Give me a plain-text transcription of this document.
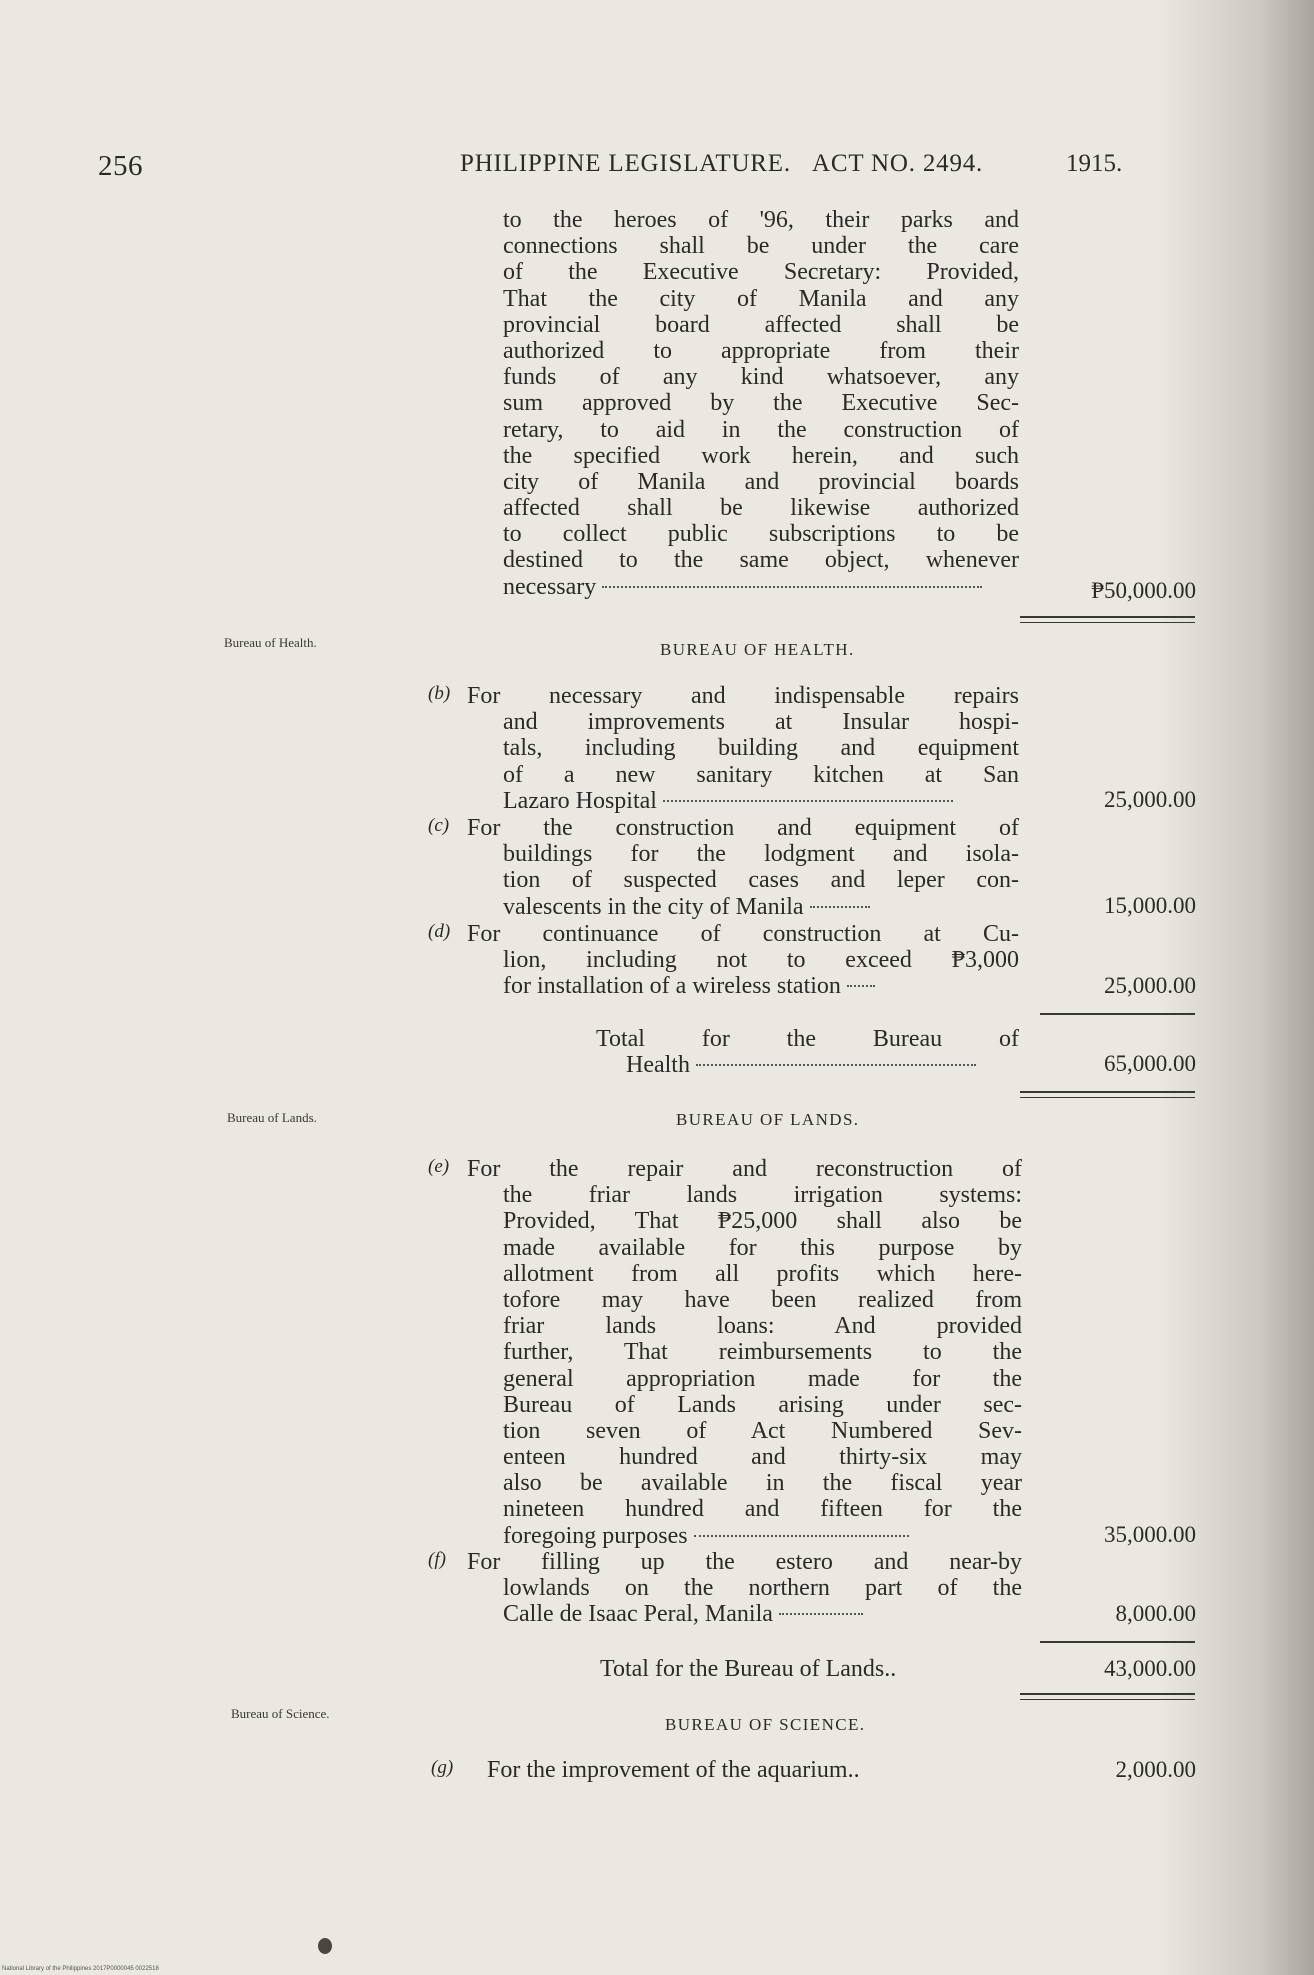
256	PHILIPPINE LEGISLATURE. ACT NO. 2494.	1915.
to the heroes of '96, their parks and
connections shall be under the care
of the Executive Secretary: Provided,
That the city of Manila and any
provincial board affected shall be
authorized to appropriate from their
funds of any kind whatsoever, any
sum approved by the Executive Sec-
retary, to aid in the construction of
the specified work herein, and such
city of Manila and provincial boards
affected shall be likewise authorized
to collect public subscriptions to be
destined to the same object, whenever
necessary	₱50,000.00
Bureau of Health.	BUREAU OF HEALTH.
(b) For necessary and indispensable repairs
and improvements at Insular hospi-
tals, including building and equipment
of a new sanitary kitchen at San
Lazaro Hospital	25,000.00
(c) For the construction and equipment of
buildings for the lodgment and isola-
tion of suspected cases and leper con-
valescents in the city of Manila	15,000.00
(d) For continuance of construction at Cu-
lion, including not to exceed ₱3,000
for installation of a wireless station	25,000.00
Total for the Bureau of
Health	65,000.00
Bureau of Lands.	BUREAU OF LANDS.
(e) For the repair and reconstruction of
the friar lands irrigation systems:
Provided, That ₱25,000 shall also be
made available for this purpose by
allotment from all profits which here-
tofore may have been realized from
friar lands loans: And provided
further, That reimbursements to the
general appropriation made for the
Bureau of Lands arising under sec-
tion seven of Act Numbered Sev-
enteen hundred and thirty-six may
also be available in the fiscal year
nineteen hundred and fifteen for the
foregoing purposes	35,000.00
(f) For filling up the estero and near-by
lowlands on the northern part of the
Calle de Isaac Peral, Manila	8,000.00
Total for the Bureau of Lands..	43,000.00
Bureau of Science.
BUREAU OF SCIENCE.
(g) For the improvement of the aquarium..	2,000.00
National Library of the Philippines 2017P0000045 0022518
